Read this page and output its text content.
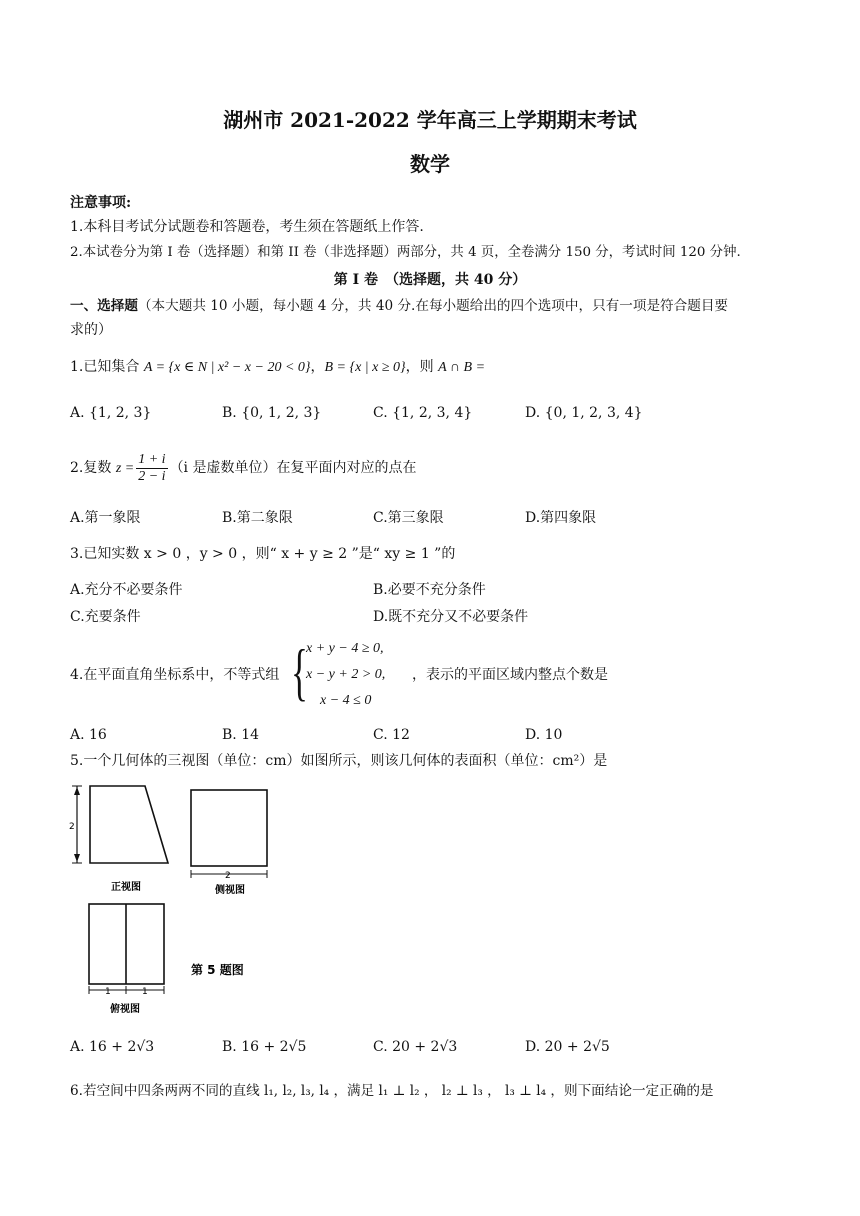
湖州市 2021-2022 学年高三上学期期末考试
数学
注意事项:
1.本科目考试分试题卷和答题卷，考生须在答题纸上作答.
2.本试卷分为第 I 卷（选择题）和第 II 卷（非选择题）两部分，共 4 页，全卷满分 150 分，考试时间 120 分钟.
第 I 卷　（选择题，共 40 分）
一、选择题（本大题共 10 小题，每小题 4 分，共 40 分.在每小题给出的四个选项中，只有一项是符合题目要
求的）
1.已知集合 A = {x ∈ N | x² − x − 20 < 0}，B = {x | x ≥ 0}，则 A ∩ B =
A. {1, 2, 3}	B. {0, 1, 2, 3}	C. {1, 2, 3, 4}	D. {0, 1, 2, 3, 4}
2.复数 $z = \frac{1 + i}{2 - i} (i$ 是虚数单位）在复平面内对应的点在
A.第一象限	B.第二象限	C.第三象限	D.第四象限
3.已知实数 x > 0 ，y > 0 ，则“ x + y ≥ 2 ”是“ xy ≥ 1 ”的
A.充分不必要条件	B.必要不充分条件
C.充要条件	D.既不充分又不必要条件
4.在平面直角坐标系中，不等式组 {
x + y − 4 ≥ 0,
x − y + 2 > 0,
x − 4 ≤ 0
，表示的平面区域内整点个数是
A. 16	B. 14	C. 12	D. 10
5.一个几何体的三视图（单位：cm）如图所示，则该几何体的表面积（单位：cm²）是
2
正视图
2
侧视图
1	1
俯视图
第 5 题图
A. 16 + 2√3	B. 16 + 2√5	C. 20 + 2√3	D. 20 + 2√5
6.若空间中四条两两不同的直线 l₁, l₂, l₃, l₄ ，满足 l₁ ⊥ l₂ ， l₂ ⊥ l₃ ， l₃ ⊥ l₄ ，则下面结论一定正确的是
